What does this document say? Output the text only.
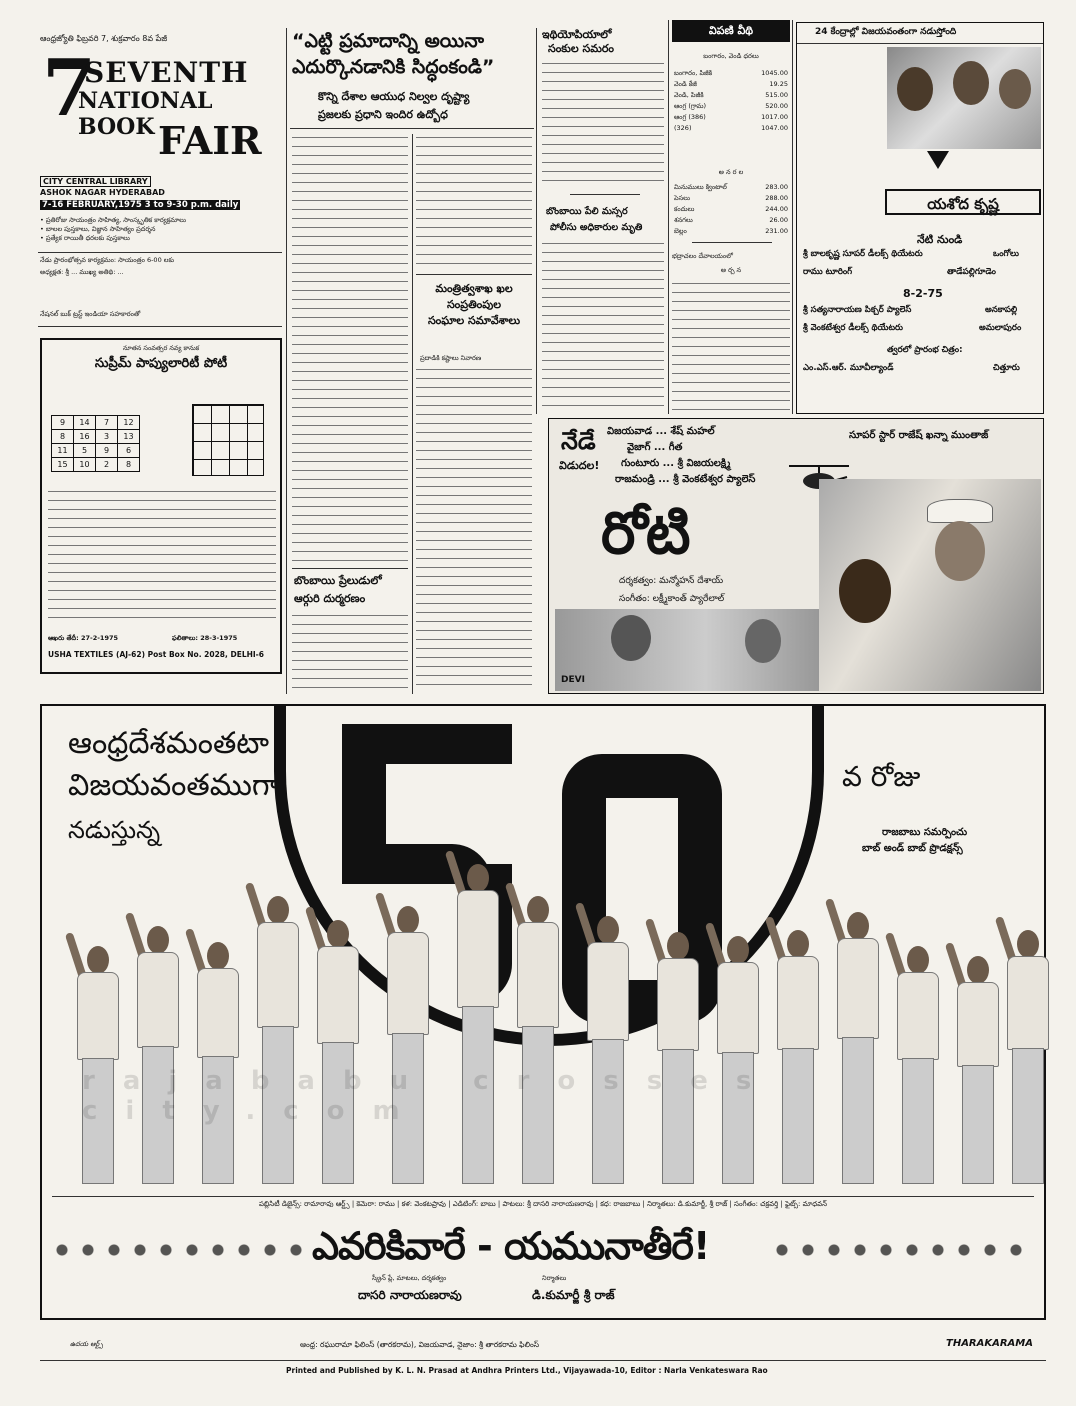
ఆంధ్రజ్యోతి ఫిబ్రవరి 7, శుక్రవారం 8వ పేజీ
7
SEVENTH
NATIONAL BOOK FAIR
CITY CENTRAL LIBRARY
ASHOK NAGAR HYDERABAD
7-16 FEBRUARY,1975 3 to 9-30 p.m. daily
• ప్రతిరోజు సాయంత్రం సాహిత్య, సాంస్కృతిక కార్యక్రమాలు
• బాలల పుస్తకాలు, విజ్ఞాన సాహిత్యం ప్రదర్శన
• ప్రత్యేక రాయితీ ధరలకు పుస్తకాలు
నేడు ప్రారంభోత్సవ కార్యక్రమం: సాయంత్రం 6-00 లకు
అధ్యక్షత: శ్రీ ... ముఖ్య అతిథి: ...
నేషనల్ బుక్ ట్రస్ట్ ఇండియా సహకారంతో
నూతన సంవత్సర నవ్య కానుక
సుప్రీమ్ పాప్యులారిటీ పోటీ
9	14	7	12
8	16	3	13
11	5	9	6
15	10	2	8
ఆఖరు తేదీ: 27-2-1975	ఫలితాలు: 28-3-1975
USHA TEXTILES (AJ-62) Post Box No. 2028, DELHI-6
“ఎట్టి ప్రమాదాన్ని అయినా
ఎదుర్కొనడానికి సిద్ధంకండి”
కొన్ని దేశాల ఆయుధ నిల్వల దృష్ట్యా
ప్రజలకు ప్రధాని ఇందిర ఉద్బోధ
మంత్రిత్వశాఖ ఖల
సంప్రతింపుల
సంఘాల సమావేశాలు
ప్రదాడికి కష్టాలు నివారణ
బొంబాయి ప్రేలుడులో
ఆర్గురి దుర్మరణం
ఇథియోపియాలో
సంకుల సమరం
బొంబాయి పేలి మస్సర
పోలీసు అధికారుల మృతి
విపణి వీథి
బంగారం, వెండి ధరలు
బంగారం, పిజీకి	1045.00
వెండి కేజీ	19.25
వెండి, పిజీకి	515.00
ఆంగ్ర (గ్రామ)	520.00
ఆంగ్ర (386)	1017.00
(326)	1047.00
అ న ర ల
మినుములు క్వింటాల్	283.00
పెసలు	288.00
కందులు	244.00
శనగలు	26.00
బెల్లం	231.00
భద్రాచలం దేవాలయంలో
అ ర్చ న
24 కేంద్రాల్లో విజయవంతంగా నడుస్తోంది
యశోద కృష్ణ
నేటి నుండి
శ్రీ బాలకృష్ణ సూపర్ డీలక్స్ థియేటరు	ఒంగోలు
రాము టూరింగ్	తాడేపల్లిగూడెం
8-2-75
శ్రీ సత్యనారాయణ పిక్చర్ ప్యాలెస్	అనకాపల్లి
శ్రీ వెంకటేశ్వర డీలక్స్ థియేటరు	అమలాపురం
త్వరలో ప్రారంభ చిత్రం:
ఎం.ఎస్.ఆర్. మూవీల్యాండ్	చిత్తూరు
నేడే
విడుదల!
విజయవాడ ... శేష్ మహల్
వైజాగ్ ... గీత
గుంటూరు ... శ్రీ విజయలక్ష్మి
రాజమండ్రి ... శ్రీ వెంకటేశ్వర ప్యాలెస్
సూపర్ స్టార్ రాజేష్ ఖన్నా ముంతాజ్
రోటి
దర్శకత్వం: మన్మోహన్ దేశాయ్
సంగీతం: లక్ష్మీకాంత్ ప్యారేలాల్
DEVI
ఆంధ్రదేశమంతటా
విజయవంతముగా
నడుస్తున్న
వ రోజు
రాజబాబు సమర్పించు
బాబ్ అండ్ బాబ్ ప్రొడక్షన్స్
rajababu crosses city.com
పబ్లిసిటీ డిజైన్స్: రామారావు ఆర్ట్స్ | కెమెరా: రాము | కళ: వెంకటప్రావు | ఎడిటింగ్: బాబు | పాటలు: శ్రీ దాసరి నారాయణరావు | కధ: రాజబాబు | నిర్మాతలు: డి.కుమార్జీ, శ్రీ రాజ్ | సంగీతం: చక్రవర్తి | ఫైట్స్: మాధవన్
ఎవరికివారే - యమునాతీరే!
స్క్రీన్ ప్లే, మాటలు, దర్శకత్వం
దాసరి నారాయణరావు
నిర్మాతలు
డి.కుమార్జీ శ్రీ రాజ్
ఉదయ ఆర్ట్స్	ఆంధ్ర: రఘురామా ఫిలింస్ (తారకరామ), విజయవాడ, నైజాం: శ్రీ తారకరామ ఫిలింస్	THARAKARAMA
Printed and Published by K. L. N. Prasad at Andhra Printers Ltd., Vijayawada-10, Editor : Narla Venkateswara Rao
